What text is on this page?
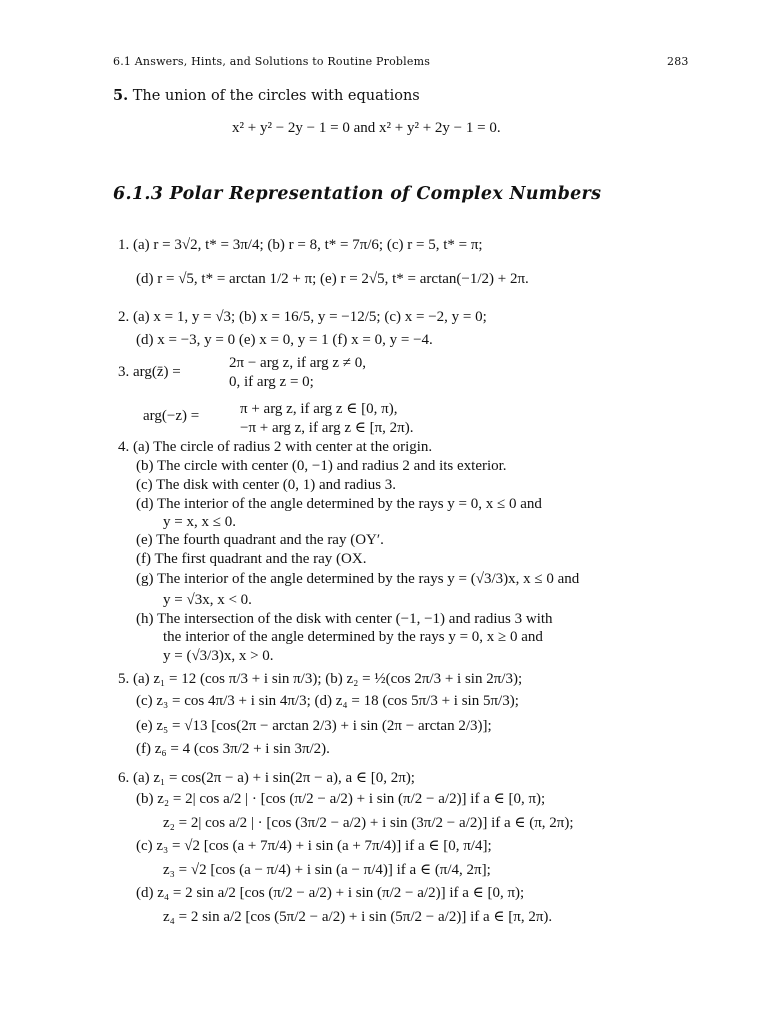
6.1 Answers, Hints, and Solutions to Routine Problems	283
5. The union of the circles with equations
x² + y² − 2y − 1 = 0 and x² + y² + 2y − 1 = 0.
6.1.3 Polar Representation of Complex Numbers
1. (a) r = 3√2, t* = 3π/4; (b) r = 8, t* = 7π/6; (c) r = 5, t* = π;
(d) r = √5, t* = arctan 1/2 + π; (e) r = 2√5, t* = arctan(−1/2) + 2π.
2. (a) x = 1, y = √3; (b) x = 16/5, y = −12/5; (c) x = −2, y = 0;
(d) x = −3, y = 0 (e) x = 0, y = 1 (f) x = 0, y = −4.
3. arg(z̄) =
2π − arg z, if arg z ≠ 0,
0, if arg z = 0;
arg(−z) =	π + arg z, if arg z ∈ [0, π),
−π + arg z, if arg z ∈ [π, 2π).
4. (a) The circle of radius 2 with center at the origin.
(b) The circle with center (0, −1) and radius 2 and its exterior.
(c) The disk with center (0, 1) and radius 3.
(d) The interior of the angle determined by the rays y = 0, x ≤ 0 and
y = x, x ≤ 0.
(e) The fourth quadrant and the ray (OY′.
(f) The first quadrant and the ray (OX.
(g) The interior of the angle determined by the rays y = (√3/3)x, x ≤ 0 and
y = √3x, x < 0.
(h) The intersection of the disk with center (−1, −1) and radius 3 with
the interior of the angle determined by the rays y = 0, x ≥ 0 and
y = (√3/3)x, x > 0.
5. (a) z₁ = 12 (cos π/3 + i sin π/3); (b) z₂ = ½(cos 2π/3 + i sin 2π/3);
(c) z₃ = cos 4π/3 + i sin 4π/3; (d) z₄ = 18 (cos 5π/3 + i sin 5π/3);
(e) z₅ = √13 [cos(2π − arctan 2/3) + i sin (2π − arctan 2/3)];
(f) z₆ = 4 (cos 3π/2 + i sin 3π/2).
6. (a) z₁ = cos(2π − a) + i sin(2π − a), a ∈ [0, 2π);
(b) z₂ = 2| cos a/2 | · [cos (π/2 − a/2) + i sin (π/2 − a/2)] if a ∈ [0, π);
z₂ = 2| cos a/2 | · [cos (3π/2 − a/2) + i sin (3π/2 − a/2)] if a ∈ (π, 2π);
(c) z₃ = √2 [cos (a + 7π/4) + i sin (a + 7π/4)] if a ∈ [0, π/4];
z₃ = √2 [cos (a − π/4) + i sin (a − π/4)] if a ∈ (π/4, 2π];
(d) z₄ = 2 sin a/2 [cos (π/2 − a/2) + i sin (π/2 − a/2)] if a ∈ [0, π);
z₄ = 2 sin a/2 [cos (5π/2 − a/2) + i sin (5π/2 − a/2)] if a ∈ [π, 2π).
